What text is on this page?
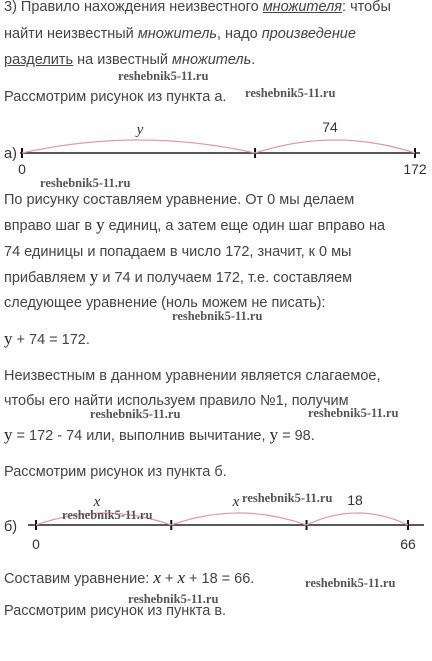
3) Правило нахождения неизвестного множителя: чтобы
найти неизвестный множитель, надо произведение
разделить на известный множитель.
reshebnik5-11.ru
Рассмотрим рисунок из пункта а. reshebnik5-11.ru
а)
0	172
y	74
reshebnik5-11.ru
По рисунку составляем уравнение. От 0 мы делаем
вправо шаг в y единиц, а затем еще один шаг вправо на
74 единицы и попадаем в число 172, значит, к 0 мы
прибавляем y и 74 и получаем 172, т.е. составляем
следующее уравнение (ноль можем не писать):
reshebnik5-11.ru
y + 74 = 172.
Неизвестным в данном уравнении является слагаемое,
чтобы его найти используем правило №1, получим
reshebnik5-11.ru	reshebnik5-11.ru
y = 172 - 74 или, выполнив вычитание, y = 98.
Рассмотрим рисунок из пункта б.
б)
0	66
x	x	18
reshebnik5-11.ru
reshebnik5-11.ru
Составим уравнение: x + x + 18 = 66.	reshebnik5-11.ru
reshebnik5-11.ru
Рассмотрим рисунок из пункта в.
